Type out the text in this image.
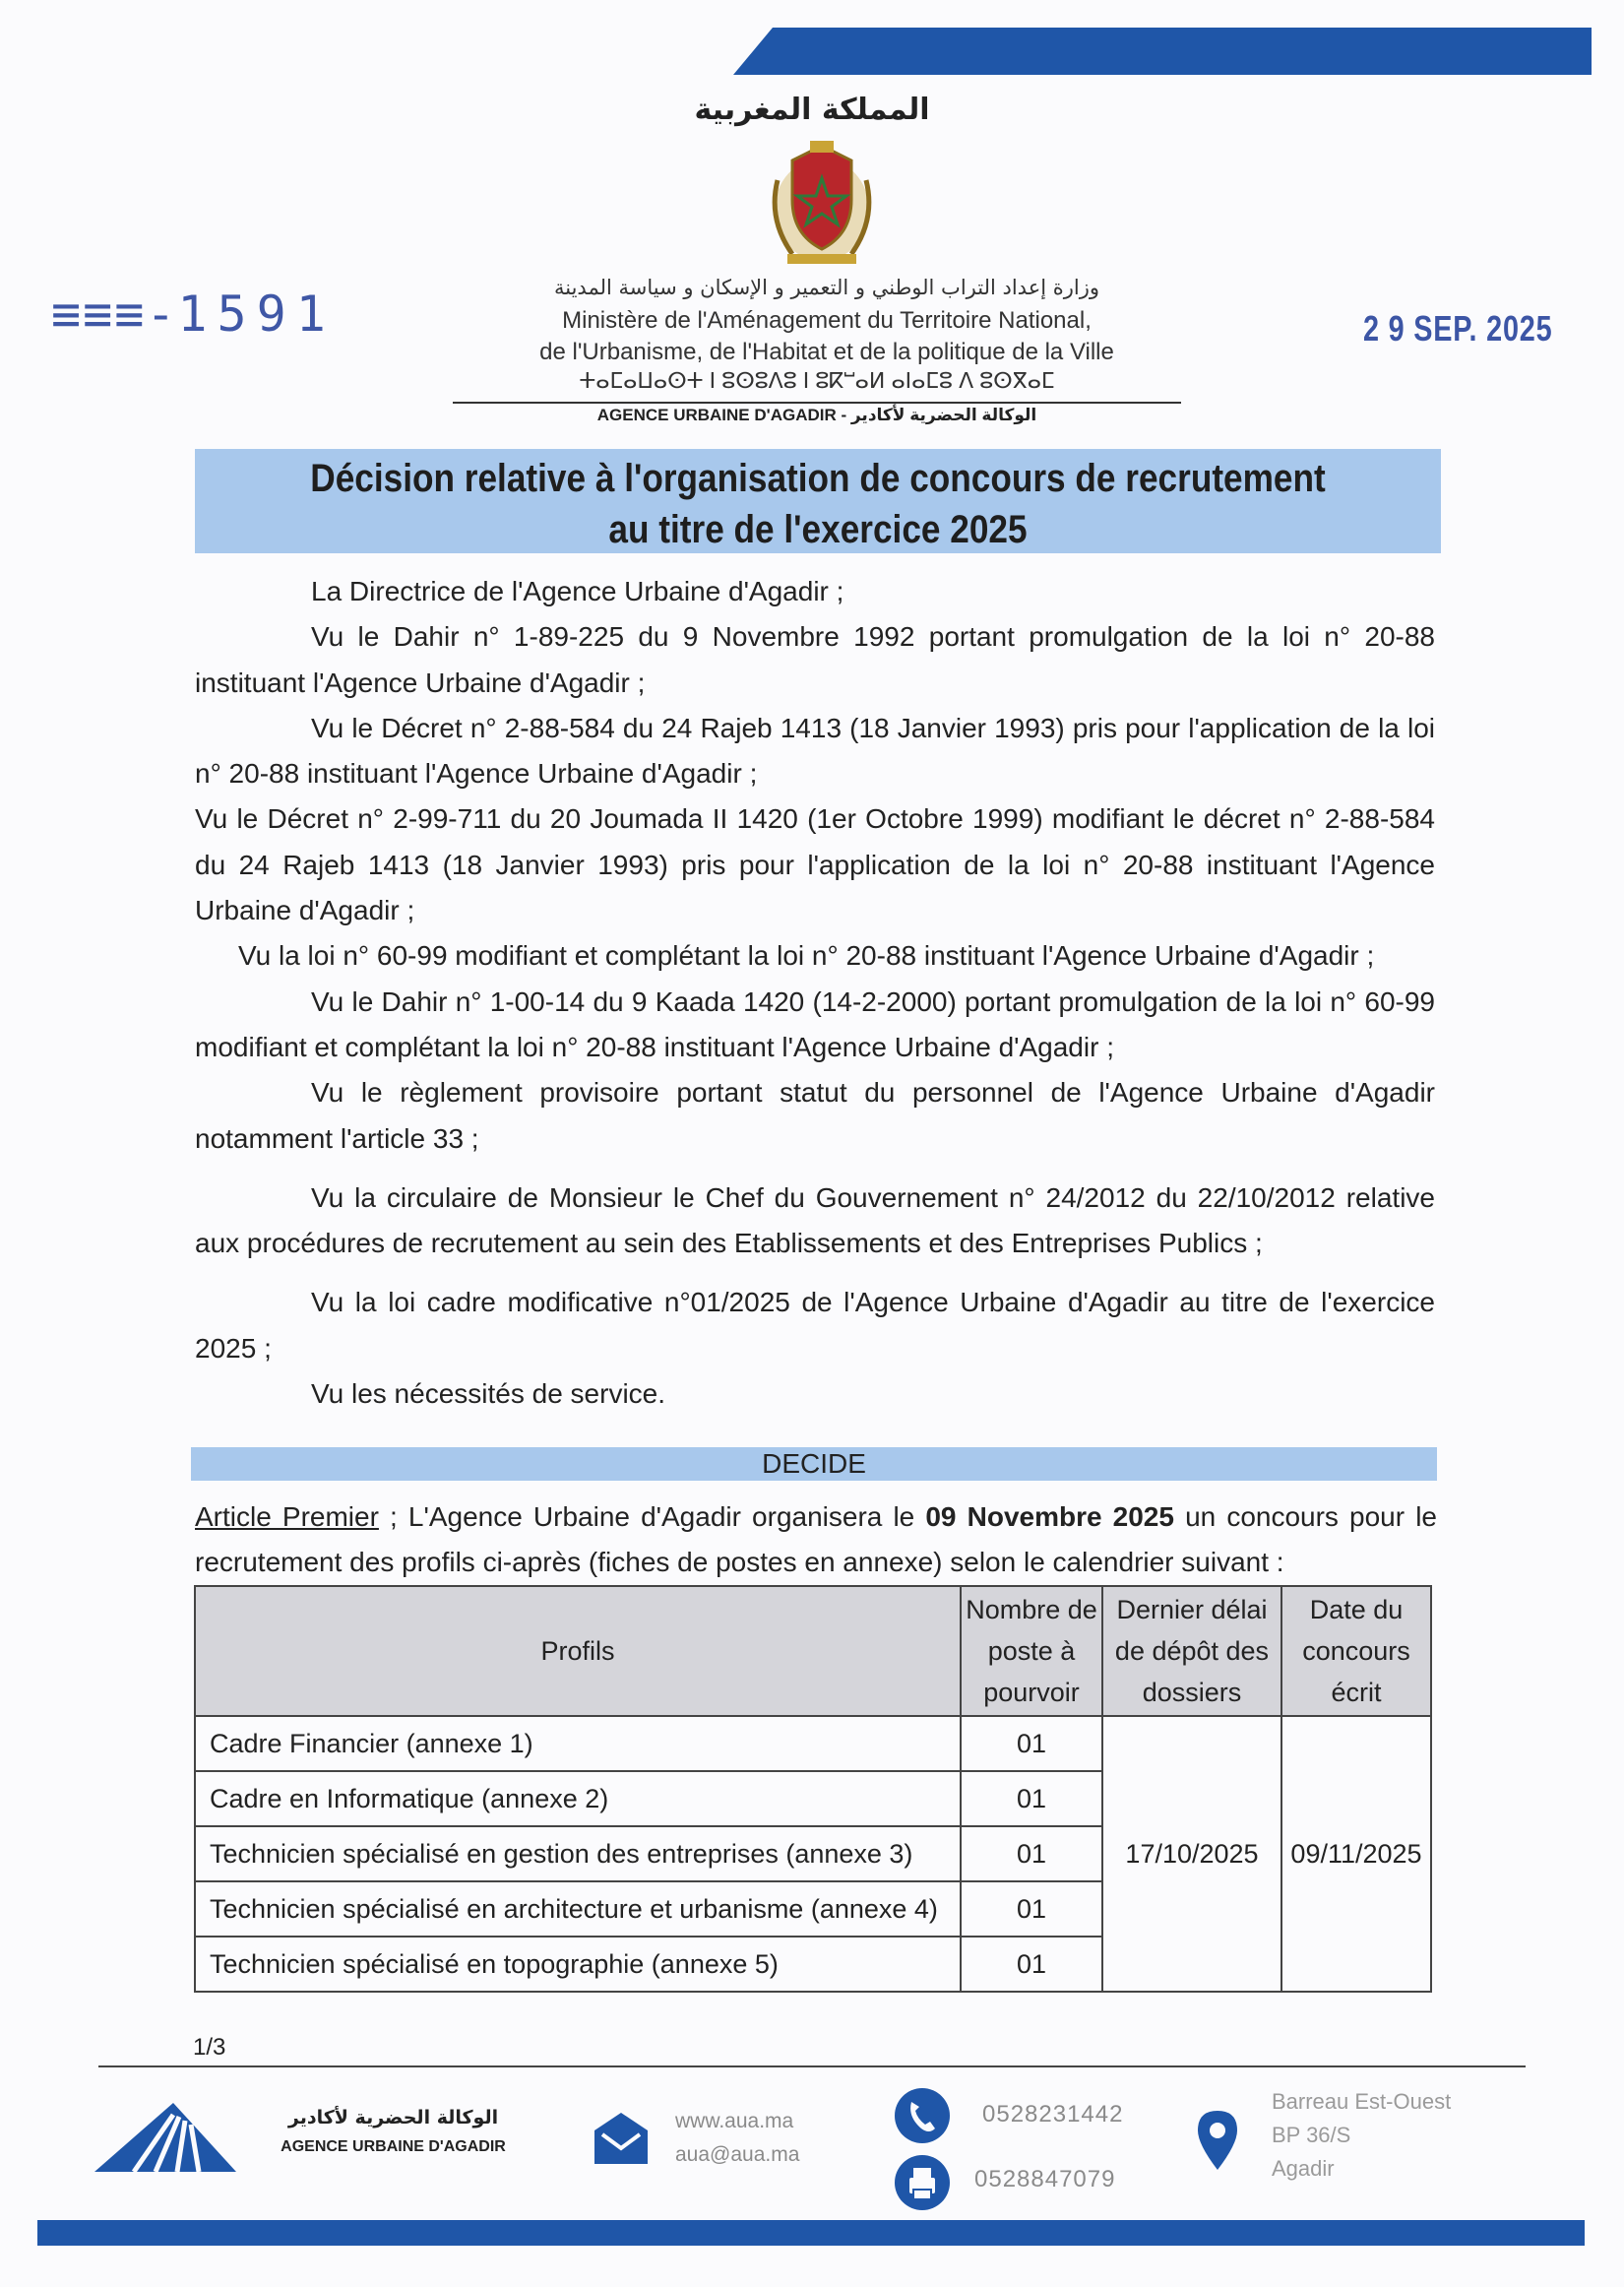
المملكة المغربية
≡≡≡-1591	2 9 SEP. 2025
وزارة إعداد التراب الوطني و التعمير و الإسكان و سياسة المدينة
Ministère de l'Aménagement du Territoire National,
de l'Urbanisme, de l'Habitat et de la politique de la Ville
ⵜⴰⵎⴰⵡⴰⵙⵜ ⵏ ⵓⵙⵓⴷⵓ ⵏ ⵓⴽⵯⴰⵍ ⴰⵏⴰⵎⵓ ⴷ ⵓⵙⴳⴰⵎ
AGENCE URBAINE D'AGADIR - الوكالة الحضرية لأكادير
Décision relative à l'organisation de concours de recrutement
au titre de l'exercice 2025

La Directrice de l'Agence Urbaine d'Agadir ;

Vu le Dahir n° 1-89-225 du 9 Novembre 1992 portant promulgation de la loi n° 20-88 instituant l'Agence Urbaine d'Agadir ;

Vu le Décret n° 2-88-584 du 24 Rajeb 1413 (18 Janvier 1993) pris pour l'application de la loi n° 20-88 instituant l'Agence Urbaine d'Agadir ;

Vu le Décret n° 2-99-711 du 20 Joumada II 1420 (1er Octobre 1999) modifiant le décret n° 2-88-584 du 24 Rajeb 1413 (18 Janvier 1993) pris pour l'application de la loi n° 20-88 instituant l'Agence Urbaine d'Agadir ;

Vu la loi n° 60-99 modifiant et complétant la loi n° 20-88 instituant l'Agence Urbaine d'Agadir ;

Vu le Dahir n° 1-00-14 du 9 Kaada 1420 (14-2-2000) portant promulgation de la loi n° 60-99 modifiant et complétant la loi n° 20-88 instituant l'Agence Urbaine d'Agadir ;

Vu le règlement provisoire portant statut du personnel de l'Agence Urbaine d'Agadir notamment l'article 33 ;

Vu la circulaire de Monsieur le Chef du Gouvernement n° 24/2012 du 22/10/2012 relative aux procédures de recrutement au sein des Etablissements et des Entreprises Publics ;

Vu la loi cadre modificative n°01/2025 de l'Agence Urbaine d'Agadir au titre de l'exercice 2025 ;

Vu les nécessités de service.

DECIDE
Article Premier ; L'Agence Urbaine d'Agadir organisera le 09 Novembre 2025 un concours pour le recrutement des profils ci-après (fiches de postes en annexe) selon le calendrier suivant :
Profils	Nombre de poste à pourvoir	Dernier délai de dépôt des dossiers	Date du concours écrit
Cadre Financier (annexe 1)	01	17/10/2025	09/11/2025
Cadre en Informatique (annexe 2)	01		
Technicien spécialisé en gestion des entreprises (annexe 3)	01		
Technicien spécialisé en architecture et urbanisme (annexe 4)	01		
Technicien spécialisé en topographie (annexe 5)	01		
1/3
الوكالة الحضرية لأكادير
AGENCE URBAINE D'AGADIR
www.aua.ma
aua@aua.ma
0528231442
0528847079
Barreau Est-Ouest
BP 36/S
Agadir
